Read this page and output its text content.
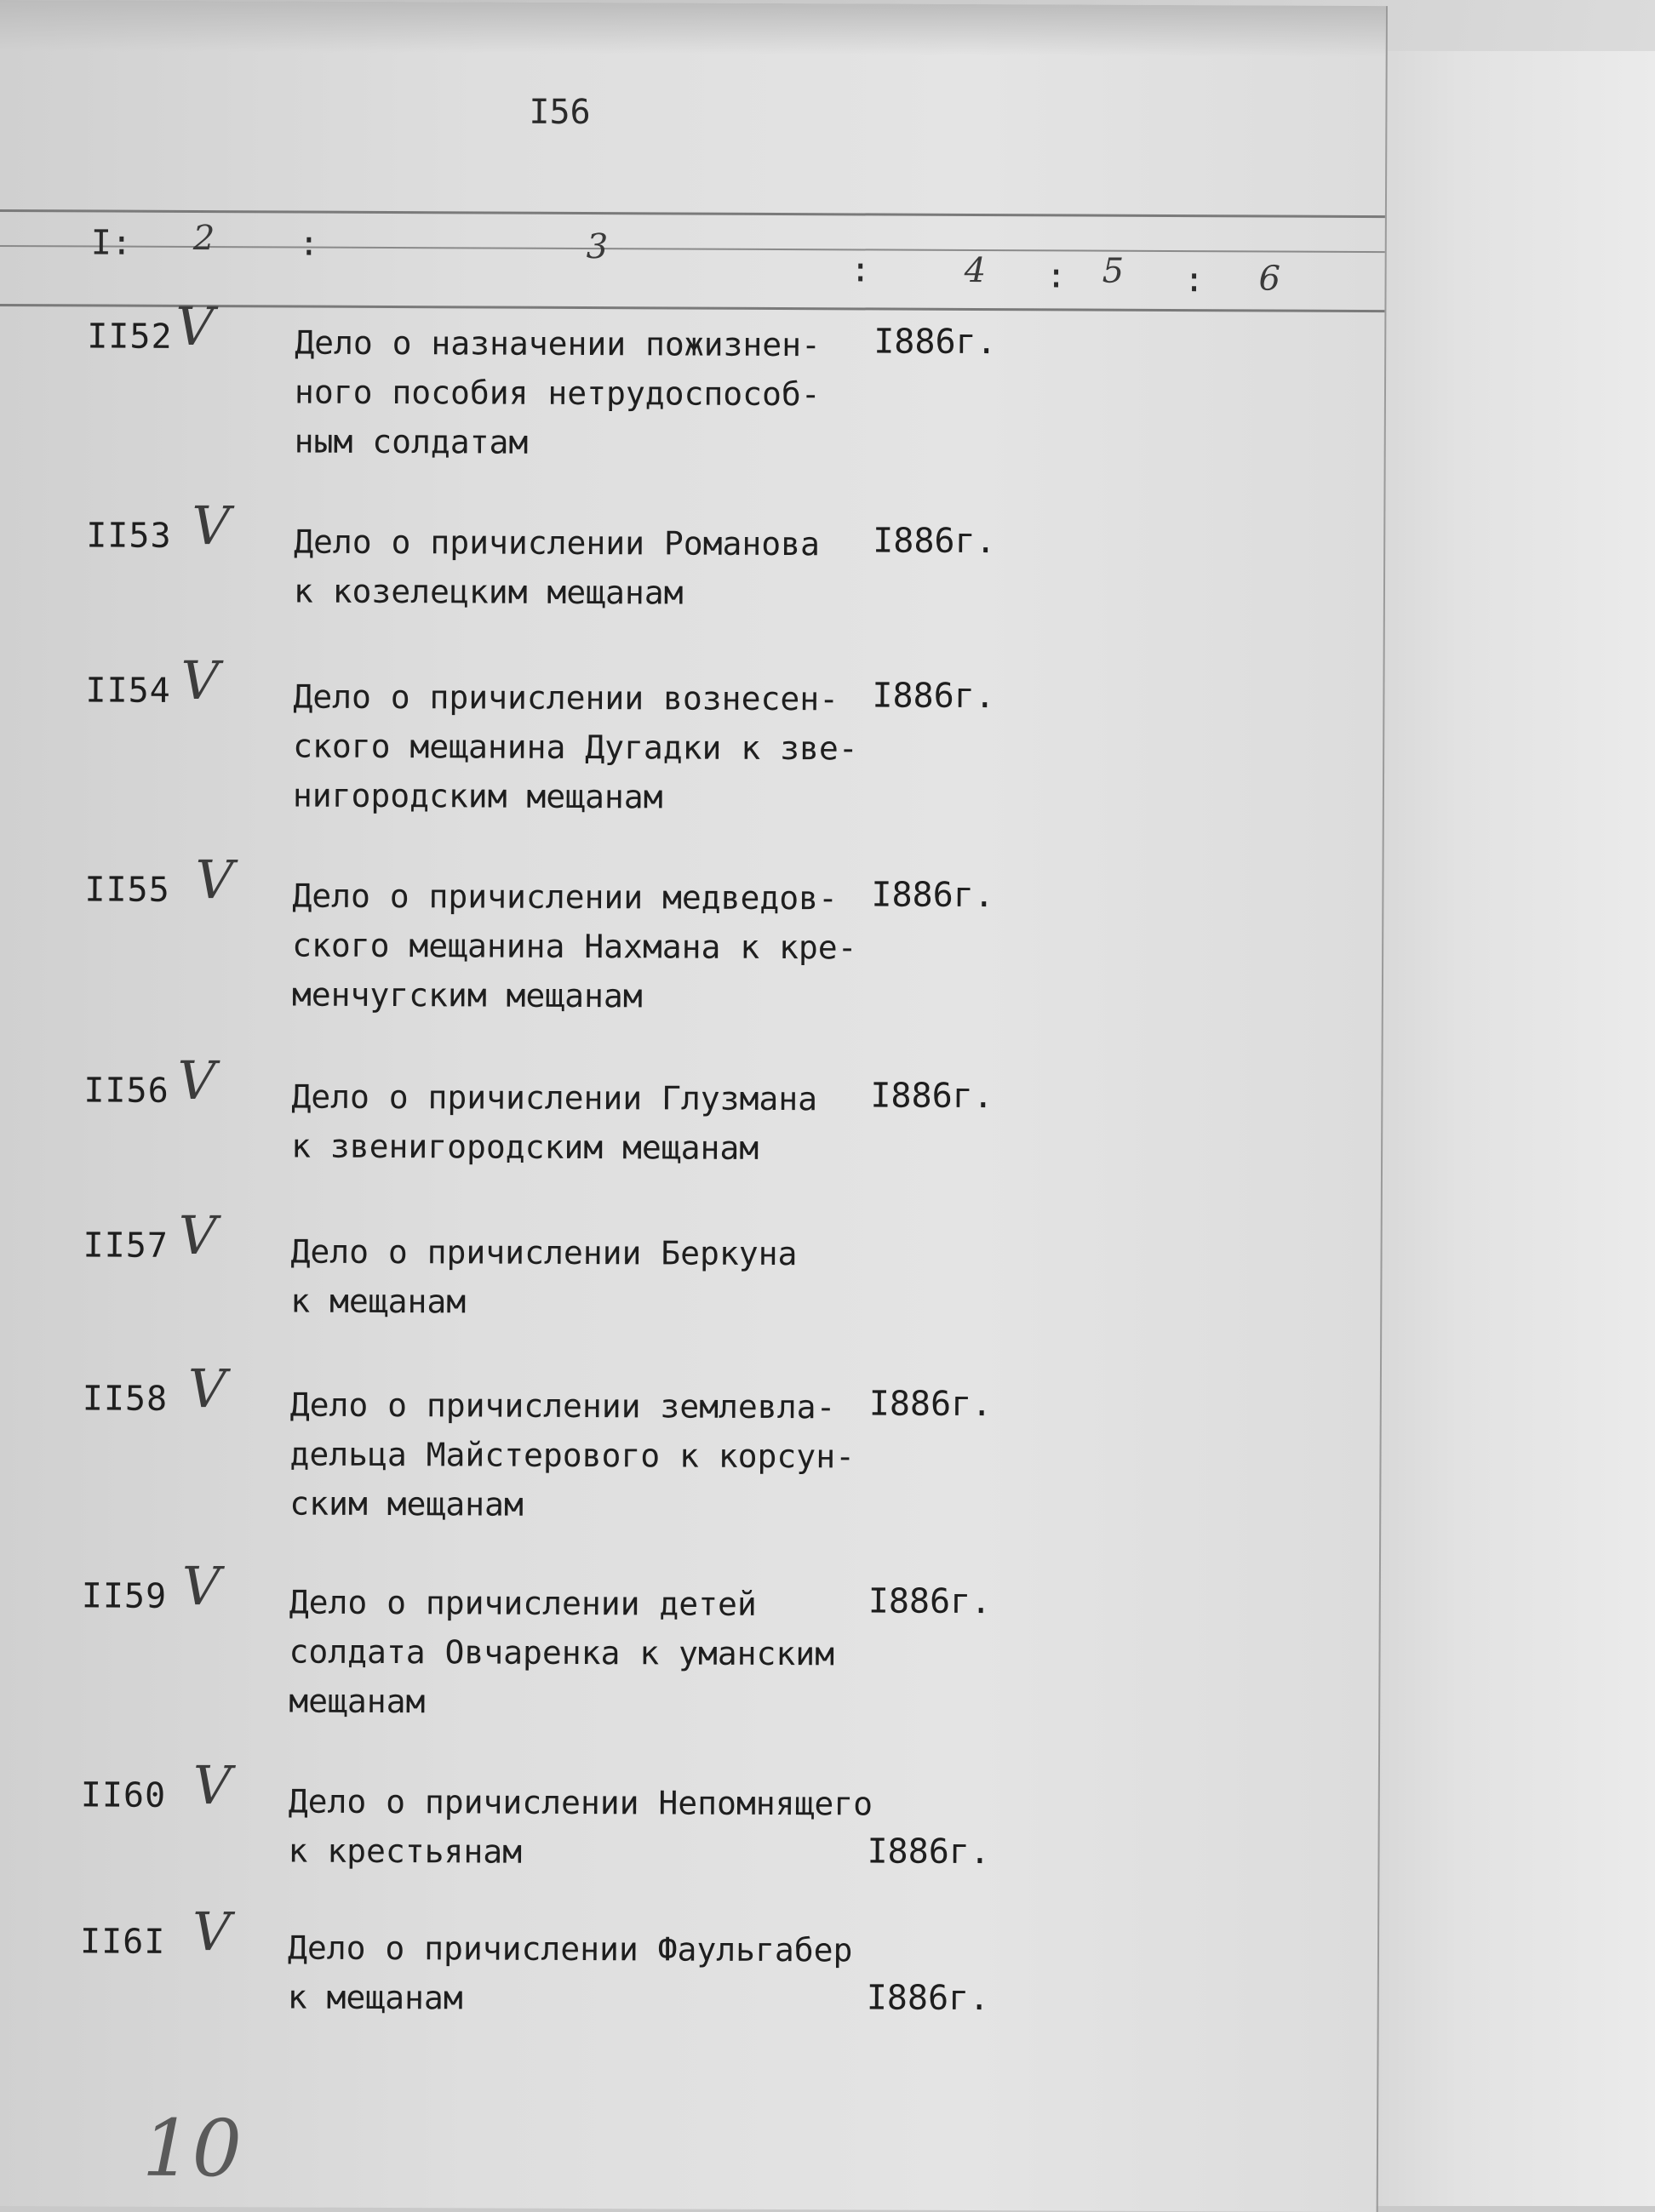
I56
I: 2 :	3
:	4 : 5 : 6
II52 V Дело о назначении пожизнен-
ного пособия нетрудоспособ-
ным солдатам
I886г.
II53 V Дело о причислении Романова
к козелецким мещанам
I886г.
II54 V Дело о причислении вознесен-
ского мещанина Дугадки к зве-
нигородским мещанам
I886г.
II55 V Дело о причислении медведов-
ского мещанина Нахмана к кре-
менчугским мещанам
I886г.
II56 V Дело о причислении Глузмана
к звенигородским мещанам
I886г.
II57 V Дело о причислении Беркуна
к мещанам
II58 V Дело о причислении землевла-
дельца Майстерового к корсун-
ским мещанам
I886г.
II59 V Дело о причислении детей
солдата Овчаренка к уманским
мещанам
I886г.
II60 V Дело о причислении Непомнящего
к крестьянам	I886г.
II6I V Дело о причислении Фаульгабер
к мещанам	I886г.
10
